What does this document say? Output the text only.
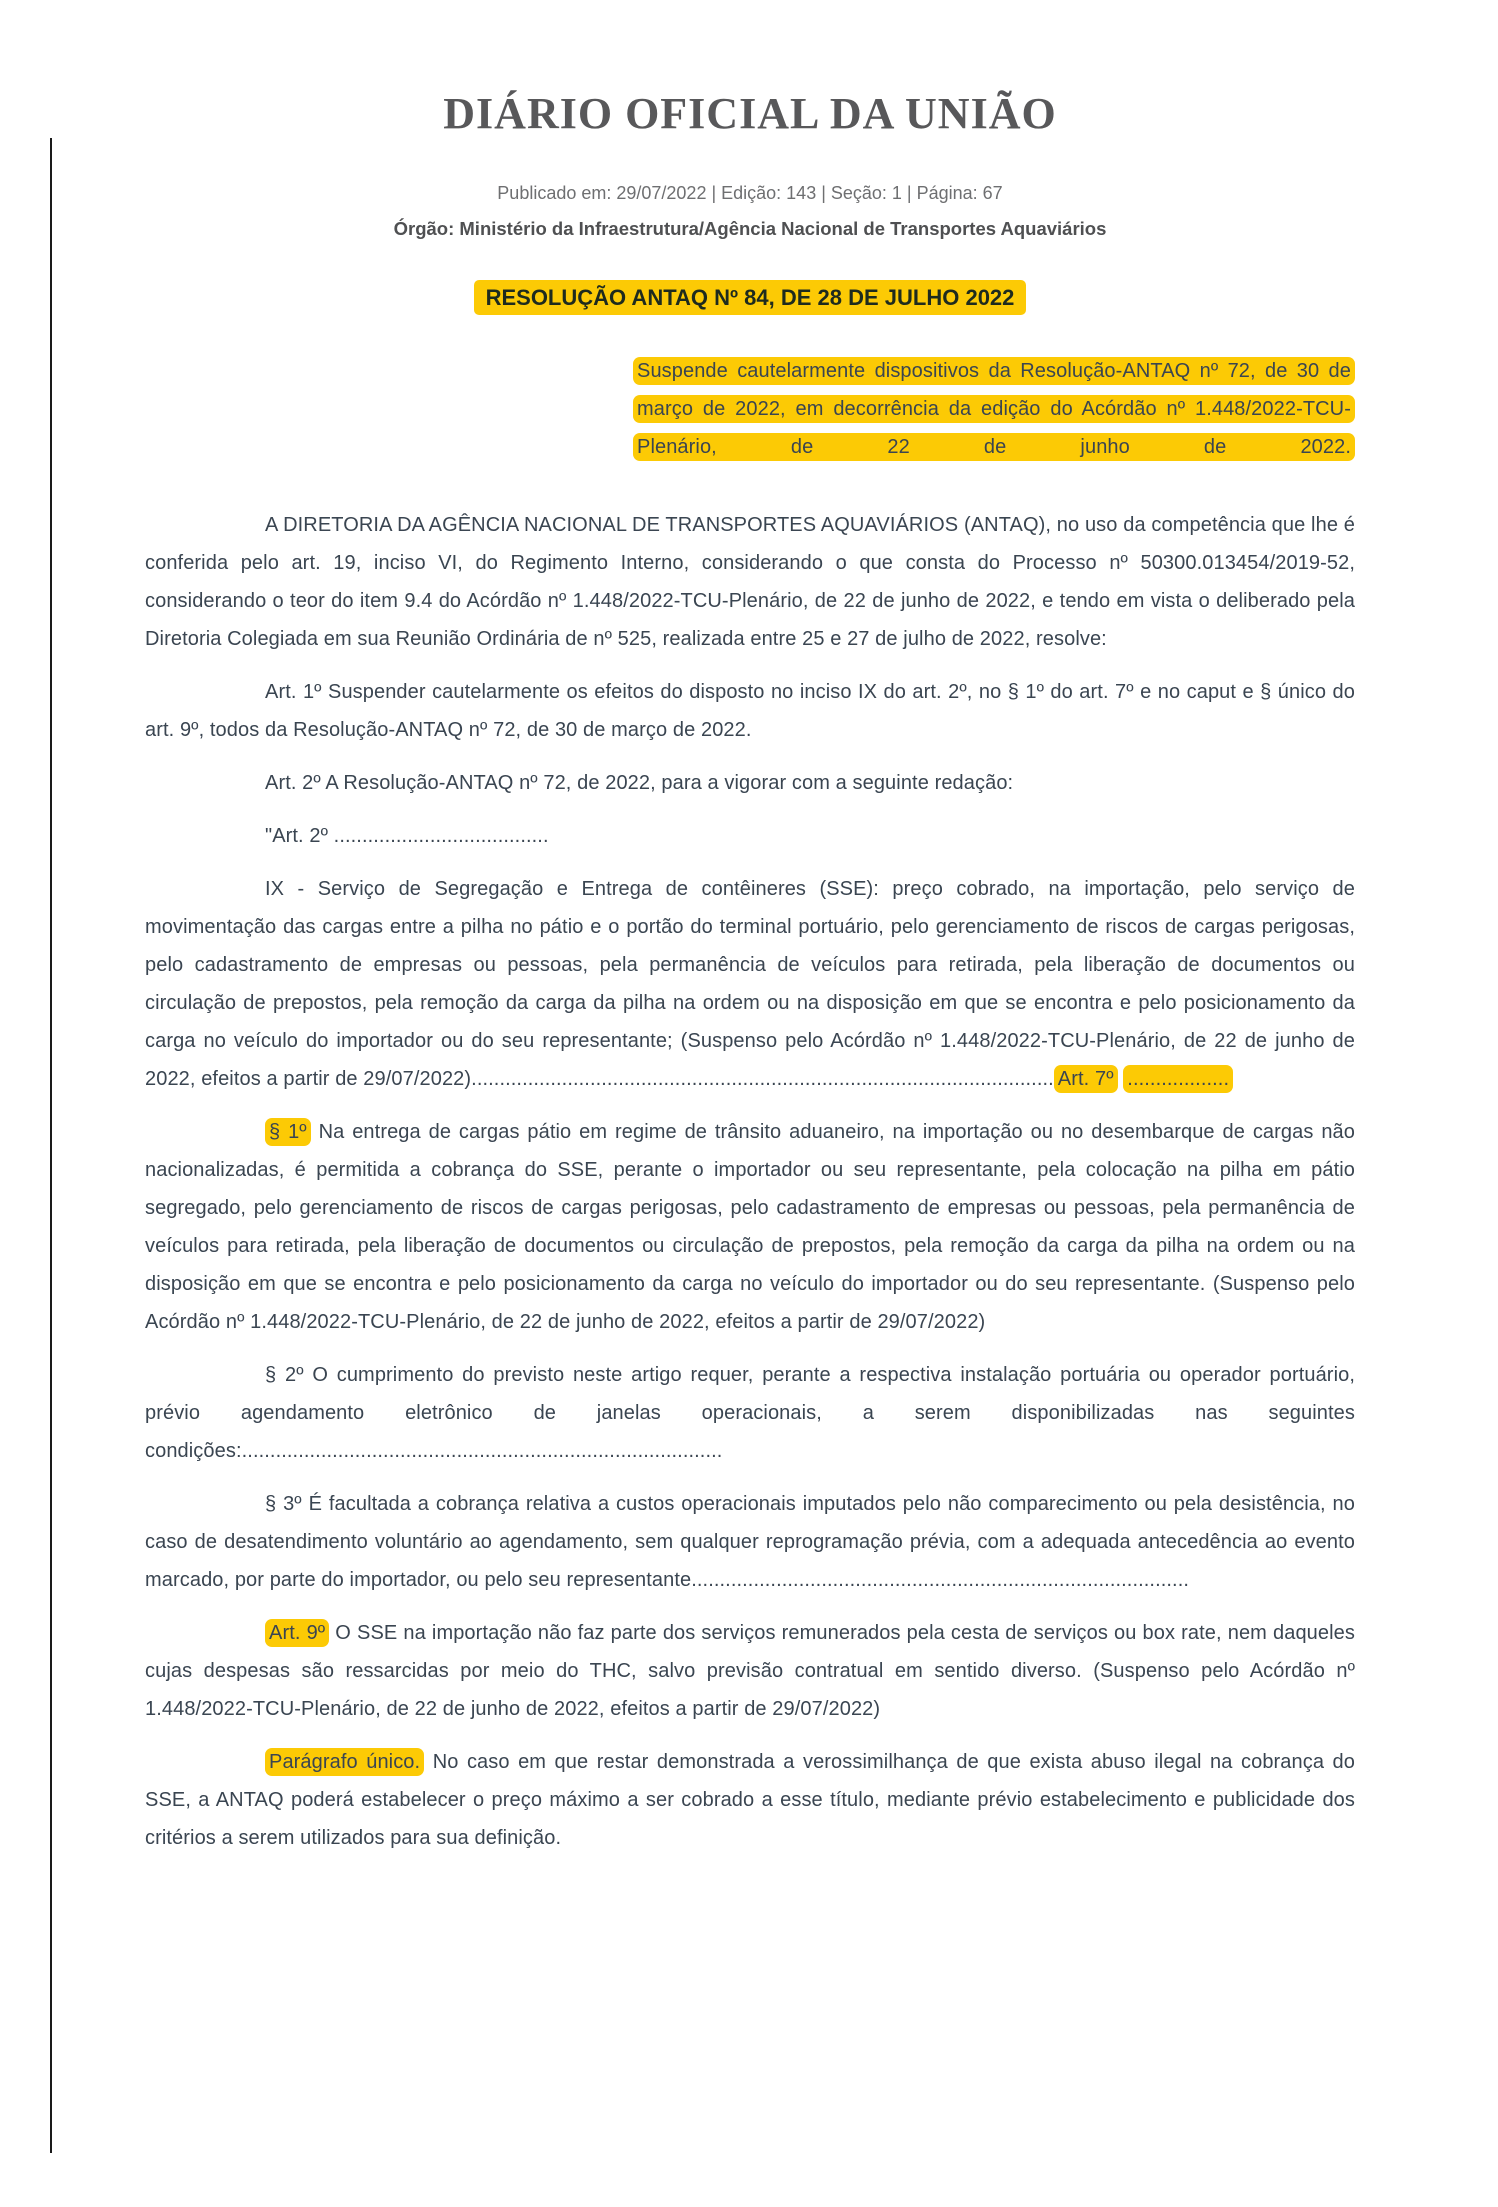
DIÁRIO OFICIAL DA UNIÃO
Publicado em: 29/07/2022 | Edição: 143 | Seção: 1 | Página: 67
Órgão: Ministério da Infraestrutura/Agência Nacional de Transportes Aquaviários
RESOLUÇÃO ANTAQ Nº 84, DE 28 DE JULHO 2022
Suspende cautelarmente dispositivos da Resolução-ANTAQ nº 72, de 30 de março de 2022, em decorrência da edição do Acórdão nº 1.448/2022-TCU-Plenário, de 22 de junho de 2022.

A DIRETORIA DA AGÊNCIA NACIONAL DE TRANSPORTES AQUAVIÁRIOS (ANTAQ), no uso da competência que lhe é conferida pelo art. 19, inciso VI, do Regimento Interno, considerando o que consta do Processo nº 50300.013454/2019-52, considerando o teor do item 9.4 do Acórdão nº 1.448/2022-TCU-Plenário, de 22 de junho de 2022, e tendo em vista o deliberado pela Diretoria Colegiada em sua Reunião Ordinária de nº 525, realizada entre 25 e 27 de julho de 2022, resolve:

Art. 1º Suspender cautelarmente os efeitos do disposto no inciso IX do art. 2º, no § 1º do art. 7º e no caput e § único do art. 9º, todos da Resolução-ANTAQ nº 72, de 30 de março de 2022.

Art. 2º A Resolução-ANTAQ nº 72, de 2022, para a vigorar com a seguinte redação:

"Art. 2º ......................................

IX - Serviço de Segregação e Entrega de contêineres (SSE): preço cobrado, na importação, pelo serviço de movimentação das cargas entre a pilha no pátio e o portão do terminal portuário, pelo gerenciamento de riscos de cargas perigosas, pelo cadastramento de empresas ou pessoas, pela permanência de veículos para retirada, pela liberação de documentos ou circulação de prepostos, pela remoção da carga da pilha na ordem ou na disposição em que se encontra e pelo posicionamento da carga no veículo do importador ou do seu representante; (Suspenso pelo Acórdão nº 1.448/2022-TCU-Plenário, de 22 de junho de 2022, efeitos a partir de 29/07/2022)....................................................................................................... Art. 7º ..................

§ 1º Na entrega de cargas pátio em regime de trânsito aduaneiro, na importação ou no desembarque de cargas não nacionalizadas, é permitida a cobrança do SSE, perante o importador ou seu representante, pela colocação na pilha em pátio segregado, pelo gerenciamento de riscos de cargas perigosas, pelo cadastramento de empresas ou pessoas, pela permanência de veículos para retirada, pela liberação de documentos ou circulação de prepostos, pela remoção da carga da pilha na ordem ou na disposição em que se encontra e pelo posicionamento da carga no veículo do importador ou do seu representante. (Suspenso pelo Acórdão nº 1.448/2022-TCU-Plenário, de 22 de junho de 2022, efeitos a partir de 29/07/2022)

§ 2º O cumprimento do previsto neste artigo requer, perante a respectiva instalação portuária ou operador portuário, prévio agendamento eletrônico de janelas operacionais, a serem disponibilizadas nas seguintes condições:.....................................................................................

§ 3º É facultada a cobrança relativa a custos operacionais imputados pelo não comparecimento ou pela desistência, no caso de desatendimento voluntário ao agendamento, sem qualquer reprogramação prévia, com a adequada antecedência ao evento marcado, por parte do importador, ou pelo seu representante........................................................................................

Art. 9º O SSE na importação não faz parte dos serviços remunerados pela cesta de serviços ou box rate, nem daqueles cujas despesas são ressarcidas por meio do THC, salvo previsão contratual em sentido diverso. (Suspenso pelo Acórdão nº 1.448/2022-TCU-Plenário, de 22 de junho de 2022, efeitos a partir de 29/07/2022)

Parágrafo único. No caso em que restar demonstrada a verossimilhança de que exista abuso ilegal na cobrança do SSE, a ANTAQ poderá estabelecer o preço máximo a ser cobrado a esse título, mediante prévio estabelecimento e publicidade dos critérios a serem utilizados para sua definição.
